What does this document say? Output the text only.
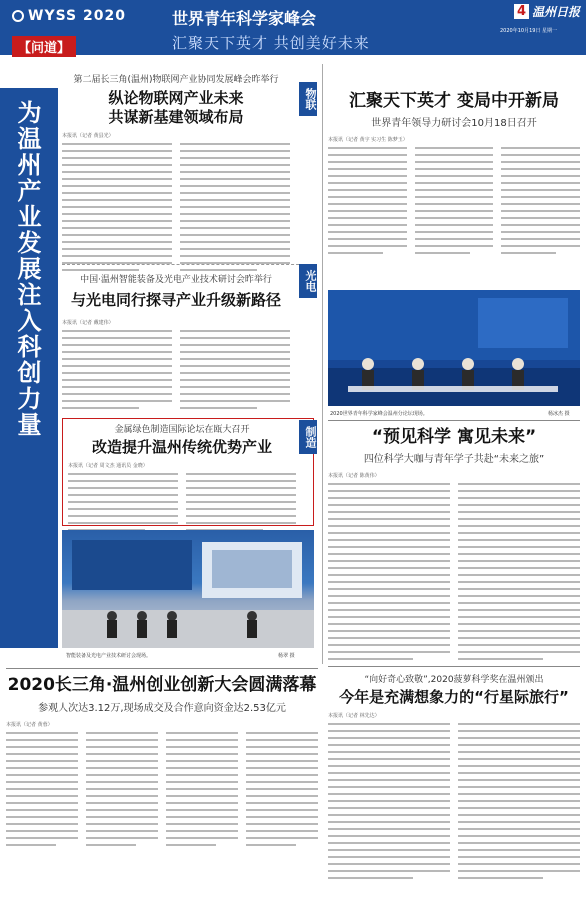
WYSS 2020
【问道】
世界青年科学家峰会
汇聚天下英才 共创美好未来
4 温州日报
2020年10月19日 星期一
为温州产业发展注入科创力量
第二届长三角(温州)物联网产业协同发展峰会昨举行
纵论物联网产业未来
共谋新基建领域布局
本报讯（记者 黄县光）
物联
中国·温州智能装备及光电产业技术研讨会昨举行
与光电同行探寻产业升级新路径
本报讯（记者 戴建伟）
光电
金属绿色制造国际论坛在瓯大召开
改造提升温州传统优势产业
本报讯（记者 周文杰 通讯员 金晓）
制造
智能装备及光电产业技术研讨会现场。	杨翠 摄
汇聚天下英才 变局中开新局
世界青年领导力研讨会10月18日召开
本报讯（记者 黄宇 实习生 陈梦玉）
2020世界青年科学家峰会温州分论坛现场。	杨冰杰 摄
“预见科学 寓见未来”
四位科学大咖与青年学子共赴“未来之旅”
本报讯（记者 陈黄伟）
“向好奇心致敬”,2020菠萝科学奖在温州颁出
今年是充满想象力的“行星际旅行”
本报讯（记者 林先达）
2020长三角·温州创业创新大会圆满落幕
参观人次达3.12万,现场成交及合作意向资金达2.53亿元
本报讯（记者 黄蓉）
